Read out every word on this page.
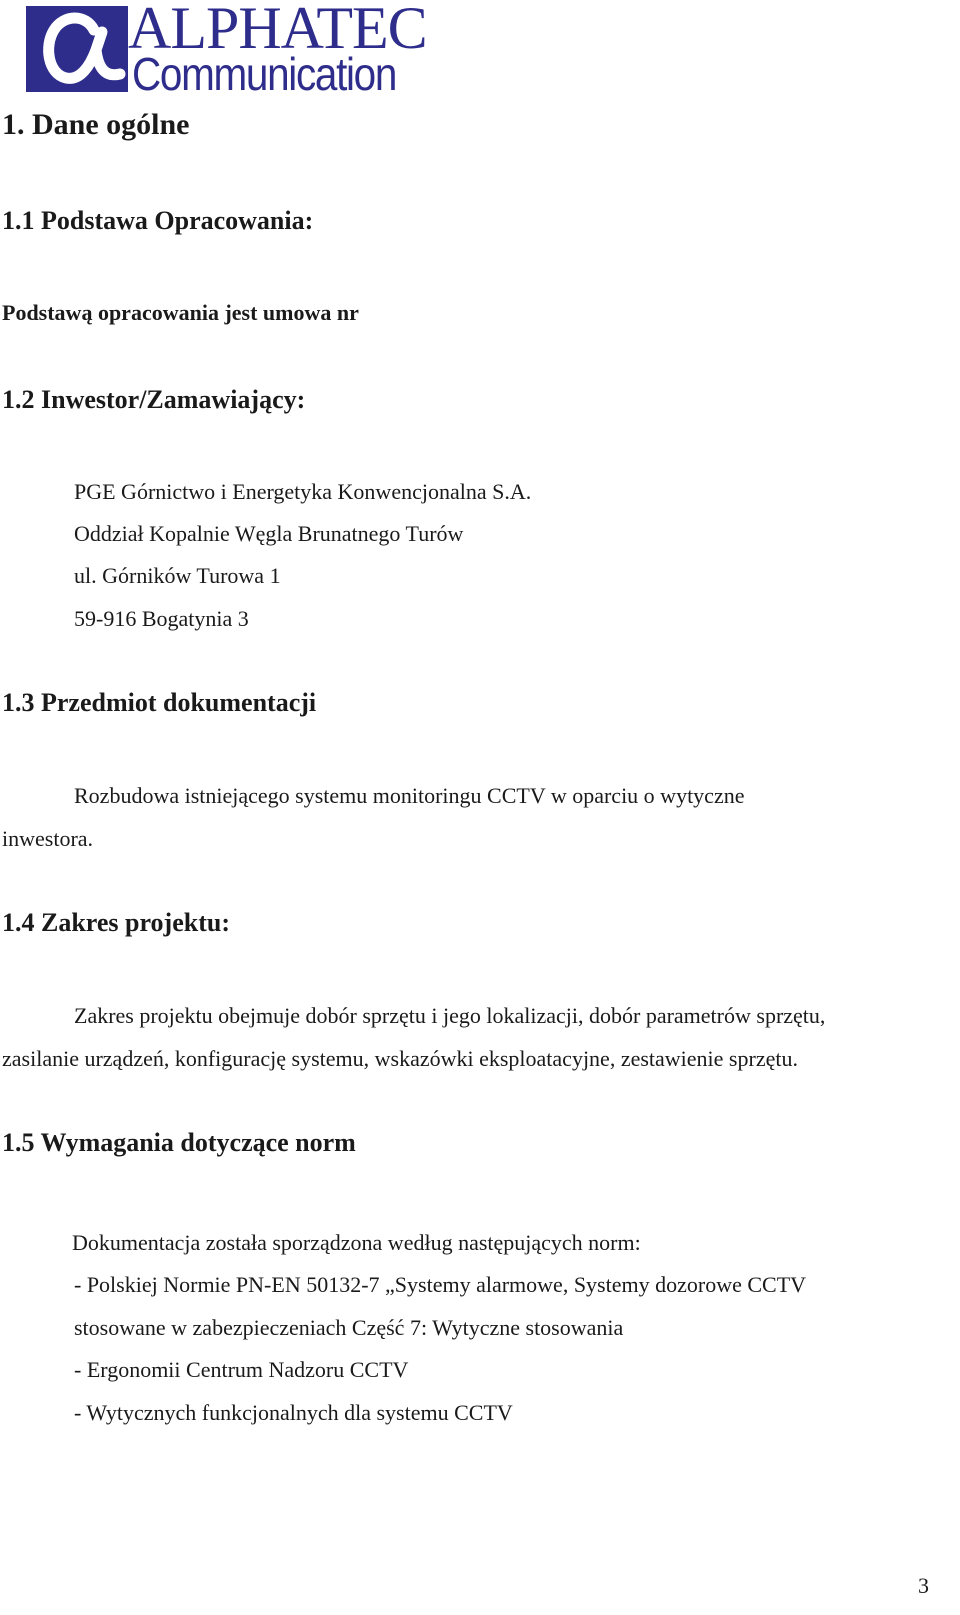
ALPHATEC
Communication
1. Dane ogólne
1.1 Podstawa Opracowania:
Podstawą opracowania jest umowa nr
1.2 Inwestor/Zamawiający:
PGE Górnictwo i Energetyka Konwencjonalna S.A.
Oddział Kopalnie Węgla Brunatnego Turów
ul. Górników Turowa 1
59-916 Bogatynia 3
1.3 Przedmiot dokumentacji
Rozbudowa istniejącego systemu monitoringu CCTV w oparciu o wytyczne
inwestora.
1.4 Zakres projektu:
Zakres projektu obejmuje dobór sprzętu i jego lokalizacji, dobór parametrów sprzętu,
zasilanie urządzeń, konfigurację systemu, wskazówki eksploatacyjne, zestawienie sprzętu.
1.5 Wymagania dotyczące norm
Dokumentacja została sporządzona według następujących norm:
- Polskiej Normie PN-EN 50132-7 „Systemy alarmowe, Systemy dozorowe CCTV
stosowane w zabezpieczeniach Część 7: Wytyczne stosowania
- Ergonomii Centrum Nadzoru CCTV
- Wytycznych funkcjonalnych dla systemu CCTV
3
